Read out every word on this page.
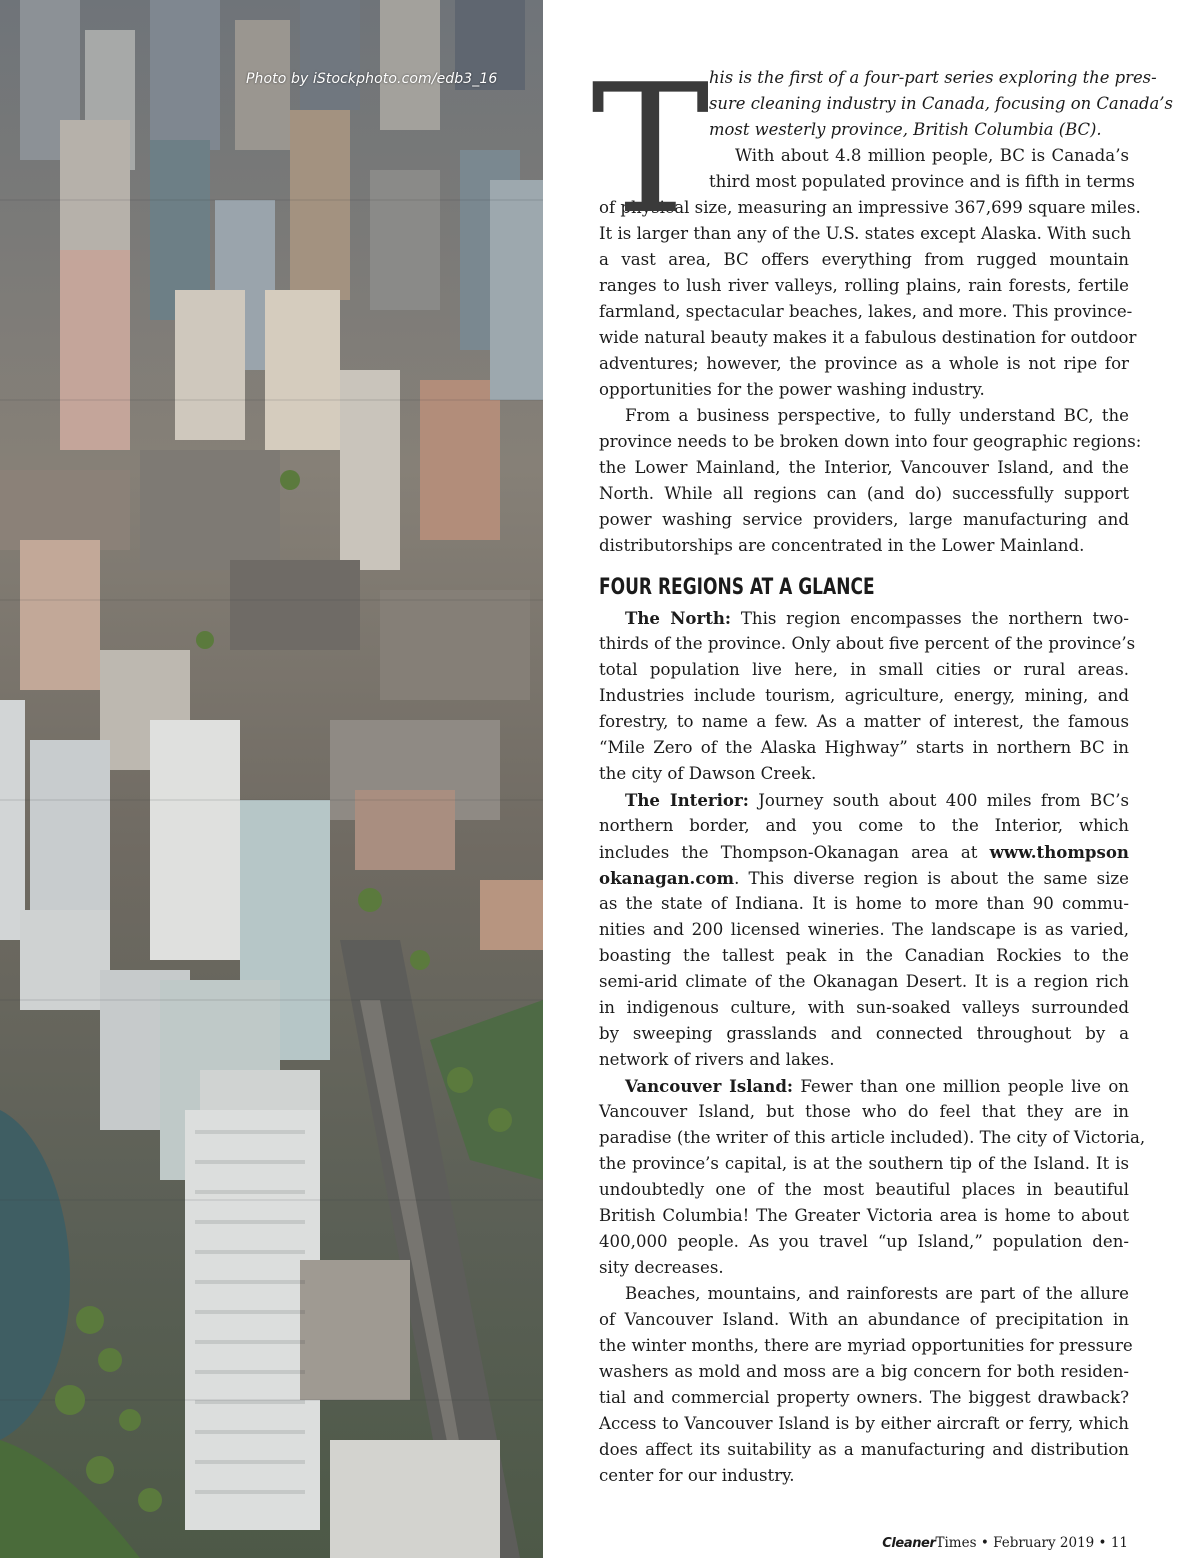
Photo by iStockphoto.com/edb3_16 T his is the first of a four-part series exploring the pres-
sure cleaning industry in Canada, focusing on Canada’s
most westerly province, British Columbia (BC).
With about 4.8 million people, BC is Canada’s
third most populated province and is fifth in terms
of physical size, measuring an impressive 367,699 square miles.
It is larger than any of the U.S. states except Alaska. With such
a vast area, BC offers everything from rugged mountain
ranges to lush river valleys, rolling plains, rain forests, fertile
farmland, spectacular beaches, lakes, and more. This province-
wide natural beauty makes it a fabulous destination for outdoor
adventures; however, the province as a whole is not ripe for
opportunities for the power washing industry.
From a business perspective, to fully understand BC, the
province needs to be broken down into four geographic regions:
the Lower Mainland, the Interior, Vancouver Island, and the
North. While all regions can (and do) successfully support
power washing service providers, large manufacturing and
distributorships are concentrated in the Lower Mainland.
FOUR REGIONS AT A GLANCE
The North: This region encompasses the northern two-
thirds of the province. Only about five percent of the province’s
total population live here, in small cities or rural areas.
Industries include tourism, agriculture, energy, mining, and
forestry, to name a few. As a matter of interest, the famous
“Mile Zero of the Alaska Highway” starts in northern BC in
the city of Dawson Creek.
The Interior: Journey south about 400 miles from BC’s
northern border, and you come to the Interior, which
includes the Thompson-Okanagan area at www.thompson
okanagan.com. This diverse region is about the same size
as the state of Indiana. It is home to more than 90 commu-
nities and 200 licensed wineries. The landscape is as varied,
boasting the tallest peak in the Canadian Rockies to the
semi-arid climate of the Okanagan Desert. It is a region rich
in indigenous culture, with sun-soaked valleys surrounded
by sweeping grasslands and connected throughout by a
network of rivers and lakes.
Vancouver Island: Fewer than one million people live on
Vancouver Island, but those who do feel that they are in
paradise (the writer of this article included). The city of Victoria,
the province’s capital, is at the southern tip of the Island. It is
undoubtedly one of the most beautiful places in beautiful
British Columbia! The Greater Victoria area is home to about
400,000 people. As you travel “up Island,” population den-
sity decreases.
Beaches, mountains, and rainforests are part of the allure
of Vancouver Island. With an abundance of precipitation in
the winter months, there are myriad opportunities for pressure
washers as mold and moss are a big concern for both residen-
tial and commercial property owners. The biggest drawback?
Access to Vancouver Island is by either aircraft or ferry, which
does affect its suitability as a manufacturing and distribution
center for our industry.
CleanerTimes • February 2019 • 11
